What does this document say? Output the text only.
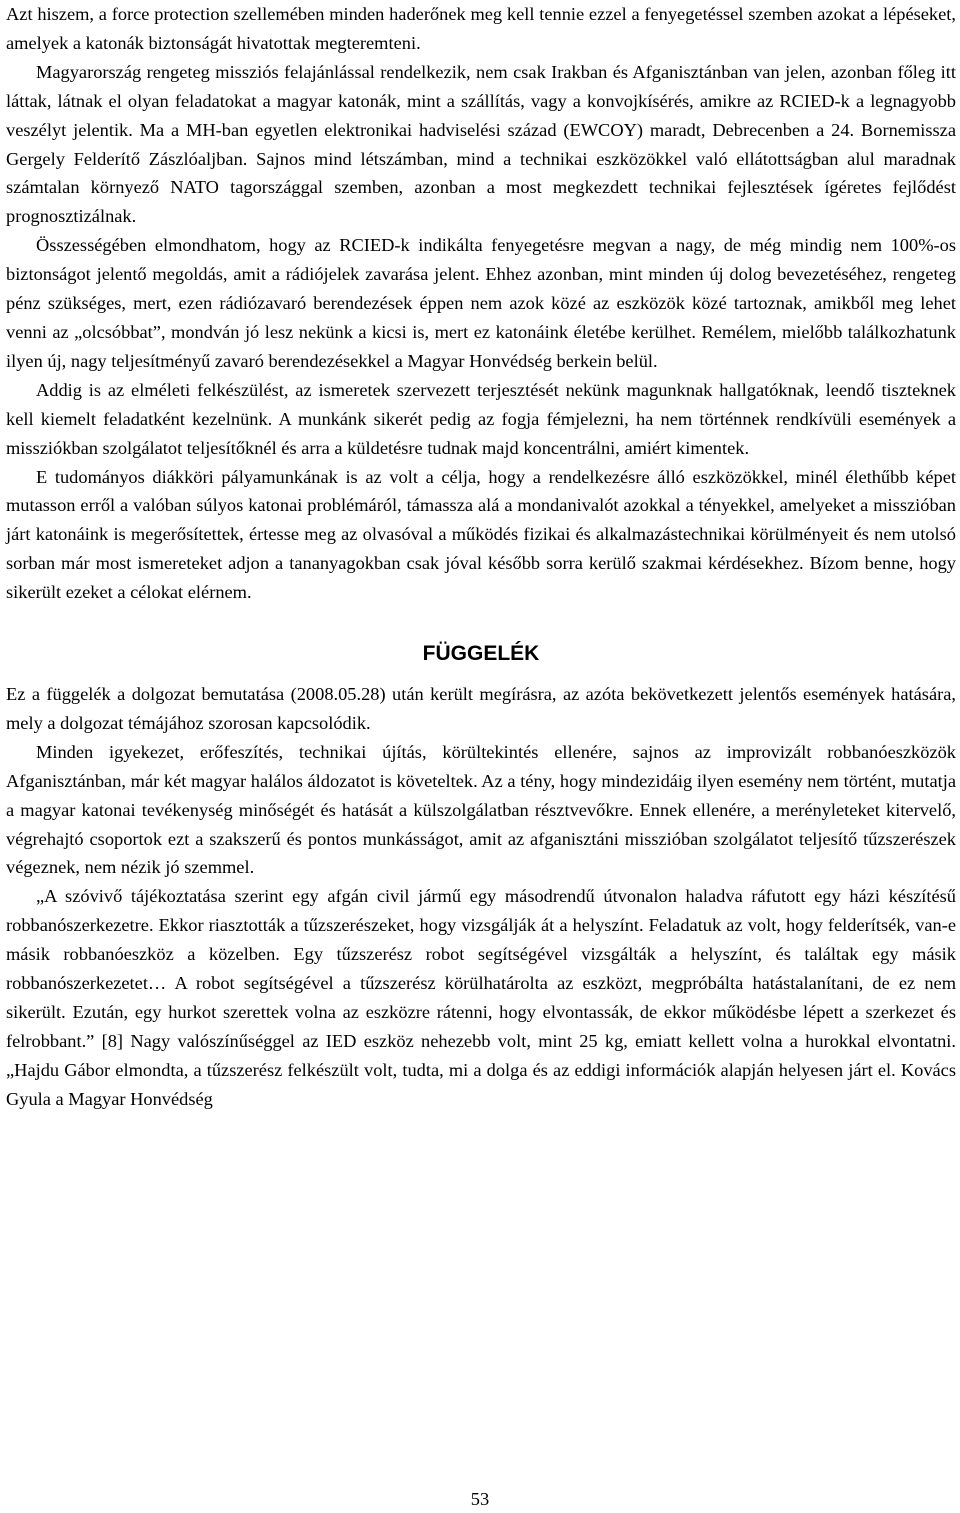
Azt hiszem, a force protection szellemében minden haderőnek meg kell tennie ezzel a fenyegetéssel szemben azokat a lépéseket, amelyek a katonák biztonságát hivatottak megteremteni.

Magyarország rengeteg missziós felajánlással rendelkezik, nem csak Irakban és Afganisztánban van jelen, azonban főleg itt láttak, látnak el olyan feladatokat a magyar katonák, mint a szállítás, vagy a konvojkísérés, amikre az RCIED-k a legnagyobb veszélyt jelentik. Ma a MH-ban egyetlen elektronikai hadviselési század (EWCOY) maradt, Debrecenben a 24. Bornemissza Gergely Felderítő Zászlóaljban. Sajnos mind létszámban, mind a technikai eszközökkel való ellátottságban alul maradnak számtalan környező NATO tagországgal szemben, azonban a most megkezdett technikai fejlesztések ígéretes fejlődést prognosztizálnak.

Összességében elmondhatom, hogy az RCIED-k indikálta fenyegetésre megvan a nagy, de még mindig nem 100%-os biztonságot jelentő megoldás, amit a rádiójelek zavarása jelent. Ehhez azonban, mint minden új dolog bevezetéséhez, rengeteg pénz szükséges, mert, ezen rádiózavaró berendezések éppen nem azok közé az eszközök közé tartoznak, amikből meg lehet venni az „olcsóbbat”, mondván jó lesz nekünk a kicsi is, mert ez katonáink életébe kerülhet. Remélem, mielőbb találkozhatunk ilyen új, nagy teljesítményű zavaró berendezésekkel a Magyar Honvédség berkein belül.

Addig is az elméleti felkészülést, az ismeretek szervezett terjesztését nekünk magunknak hallgatóknak, leendő tiszteknek kell kiemelt feladatként kezelnünk. A munkánk sikerét pedig az fogja fémjelezni, ha nem történnek rendkívüli események a missziókban szolgálatot teljesítőknél és arra a küldetésre tudnak majd koncentrálni, amiért kimentek.

E tudományos diákköri pályamunkának is az volt a célja, hogy a rendelkezésre álló eszközökkel, minél élethűbb képet mutasson erről a valóban súlyos katonai problémáról, támassza alá a mondanivalót azokkal a tényekkel, amelyeket a misszióban járt katonáink is megerősítettek, értesse meg az olvasóval a működés fizikai és alkalmazástechnikai körülményeit és nem utolsó sorban már most ismereteket adjon a tananyagokban csak jóval később sorra kerülő szakmai kérdésekhez. Bízom benne, hogy sikerült ezeket a célokat elérnem.

FÜGGELÉK

Ez a függelék a dolgozat bemutatása (2008.05.28) után került megírásra, az azóta bekövetkezett jelentős események hatására, mely a dolgozat témájához szorosan kapcsolódik.

Minden igyekezet, erőfeszítés, technikai újítás, körültekintés ellenére, sajnos az improvizált robbanóeszközök Afganisztánban, már két magyar halálos áldozatot is követeltek. Az a tény, hogy mindezidáig ilyen esemény nem történt, mutatja a magyar katonai tevékenység minőségét és hatását a külszolgálatban résztvevőkre. Ennek ellenére, a merényleteket kitervelő, végrehajtó csoportok ezt a szakszerű és pontos munkásságot, amit az afganisztáni misszióban szolgálatot teljesítő tűzszerészek végeznek, nem nézik jó szemmel.

„A szóvivő tájékoztatása szerint egy afgán civil jármű egy másodrendű útvonalon haladva ráfutott egy házi készítésű robbanószerkezetre. Ekkor riasztották a tűzszerészeket, hogy vizsgálják át a helyszínt. Feladatuk az volt, hogy felderítsék, van-e másik robbanóeszköz a közelben. Egy tűzszerész robot segítségével vizsgálták a helyszínt, és találtak egy másik robbanószerkezetet… A robot segítségével a tűzszerész körülhatárolta az eszközt, megpróbálta hatástalanítani, de ez nem sikerült. Ezután, egy hurkot szerettek volna az eszközre rátenni, hogy elvontassák, de ekkor működésbe lépett a szerkezet és felrobbant.” [8] Nagy valószínűséggel az IED eszköz nehezebb volt, mint 25 kg, emiatt kellett volna a hurokkal elvontatni. „Hajdu Gábor elmondta, a tűzszerész felkészült volt, tudta, mi a dolga és az eddigi információk alapján helyesen járt el. Kovács Gyula a Magyar Honvédség

53
